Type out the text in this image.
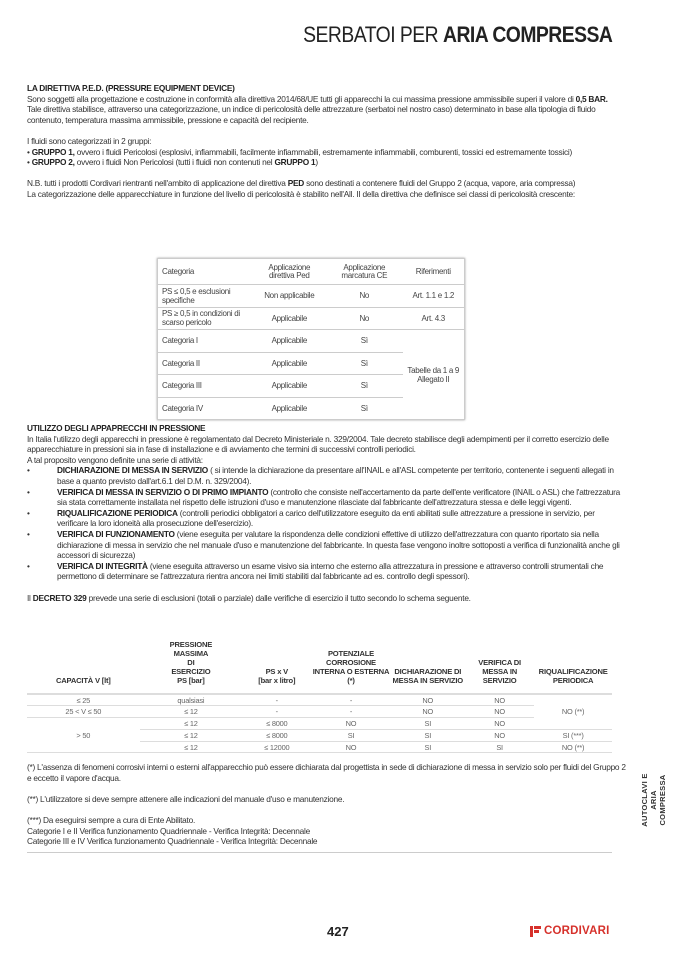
SERBATOI PER ARIA COMPRESSA
LA DIRETTIVA P.E.D. (PRESSURE EQUIPMENT DEVICE)
Sono soggetti alla progettazione e costruzione in conformità alla direttiva 2014/68/UE tutti gli apparecchi la cui massima pressione ammissibile superi il valore di 0,5 BAR.
Tale direttiva stabilisce, attraverso una categorizzazione, un indice di pericolosità delle attrezzature (serbatoi nel nostro caso) determinato in base alla tipologia di fluido contenuto, temperatura massima ammissibile, pressione e capacità del recipiente.
I fluidi sono categorizzati in 2 gruppi:
• GRUPPO 1, ovvero i fluidi Pericolosi (esplosivi, infiammabili, facilmente infiammabili, estremamente infiammabili, comburenti, tossici ed estremamente tossici)
• GRUPPO 2, ovvero i fluidi Non Pericolosi (tutti i fluidi non contenuti nel GRUPPO 1)
N.B. tutti i prodotti Cordivari rientranti nell'ambito di applicazione del direttiva PED sono destinati a contenere fluidi del Gruppo 2 (acqua, vapore, aria compressa)
La categorizzazione delle apparecchiature in funzione del livello di pericolosità è stabilito nell'All. II della direttiva che definisce sei classi di pericolosità crescente:
Categoria	Applicazione direttiva Ped	Applicazione marcatura CE	Riferimenti
PS ≤ 0,5 e esclusioni specifiche	Non applicabile	No	Art. 1.1 e 1.2
PS ≥ 0,5 in condizioni di scarso pericolo	Applicabile	No	Art. 4.3
Categoria I	Applicabile	Sì	Tabelle da 1 a 9 Allegato II
Categoria II	Applicabile	Sì	
Categoria III	Applicabile	Sì	
Categoria IV	Applicabile	Sì	
UTILIZZO DEGLI APPAPRECCHI IN PRESSIONE
In Italia l'utilizzo degli apparecchi in pressione è regolamentato dal Decreto Ministeriale n. 329/2004. Tale decreto stabilisce degli adempimenti per il corretto esercizio delle apparecchiature in pressioni sia in fase di installazione e di avviamento che termini di successivi controlli periodici.
A tal proposito vengono definite una serie di attività:
•	DICHIARAZIONE DI MESSA IN SERVIZIO ( si intende la dichiarazione da presentare all'INAIL e all'ASL competente per territorio, contenente i seguenti allegati in base a quanto previsto dall'art.6.1 del D.M. n. 329/2004).
•	VERIFICA DI MESSA IN SERVIZIO O DI PRIMO IMPIANTO (controllo che consiste nell'accertamento da parte dell'ente verificatore (INAIL o ASL) che l'attrezzatura sia stata correttamente installata nel rispetto delle istruzioni d'uso e manutenzione rilasciate dal fabbricante dell'attrezzatura stessa e delle leggi vigenti.
•	RIQUALIFICAZIONE PERIODICA (controlli periodici obbligatori a carico dell'utilizzatore eseguito da enti abilitati sulle attrezzature a pressione in servizio, per verificare la loro idoneità alla prosecuzione dell'esercizio).
•	VERIFICA DI FUNZIONAMENTO (viene eseguita per valutare la rispondenza delle condizioni effettive di utilizzo dell'attrezzatura con quanto riportato sia nella dichiarazione di messa in servizio che nel manuale d'uso e manutenzione del fabbricante. In questa fase vengono inoltre sottoposti a verifica di funzionalità anche gli accessori di sicurezza)
•	VERIFICA DI INTEGRITÀ (viene eseguita attraverso un esame visivo sia interno che esterno alla attrezzatura in pressione e attraverso controlli strumentali che permettono di determinare se l'attrezzatura rientra ancora nei limiti stabiliti dal fabbricante ad es. controllo degli spessori).
Il DECRETO 329 prevede una serie di esclusioni (totali o parziale) dalle verifiche di esercizio il tutto secondo lo schema seguente.
CAPACITÀ V [lt]	PRESSIONE MASSIMA DI ESERCIZIO PS [bar]	PS x V [bar x litro]	POTENZIALE CORROSIONE INTERNA O ESTERNA (*)	DICHIARAZIONE DI MESSA IN SERVIZIO	VERIFICA DI MESSA IN SERVIZIO	RIQUALIFICAZIONE PERIODICA
≤ 25	qualsiasi	-	-	NO	NO	NO (**)
25 < V ≤ 50	≤ 12	-	-	NO	NO	
> 50	≤ 12	≤ 8000	NO	SI	NO	
	≤ 12	≤ 8000	SI	SI	NO	SI (***)
	≤ 12	≤ 12000	NO	SI	SI	NO (**)
(*) L'assenza di fenomeni corrosivi interni o esterni all'apparecchio può essere dichiarata dal progettista in sede di dichiarazione di messa in servizio solo per fluidi del Gruppo 2 e eccetto il vapore d'acqua.
(**) L'utilizzatore si deve sempre attenere alle indicazioni del manuale d'uso e manutenzione.
(***) Da eseguirsi sempre a cura di Ente Abilitato.
Categorie I e II Verifica funzionamento Quadriennale - Verifica Integrità: Decennale
Categorie III e IV Verifica funzionamento Quadriennale - Verifica Integrità: Decennale
AUTOCLAVI E ARIA COMPRESSA
427	CORDIVARI
